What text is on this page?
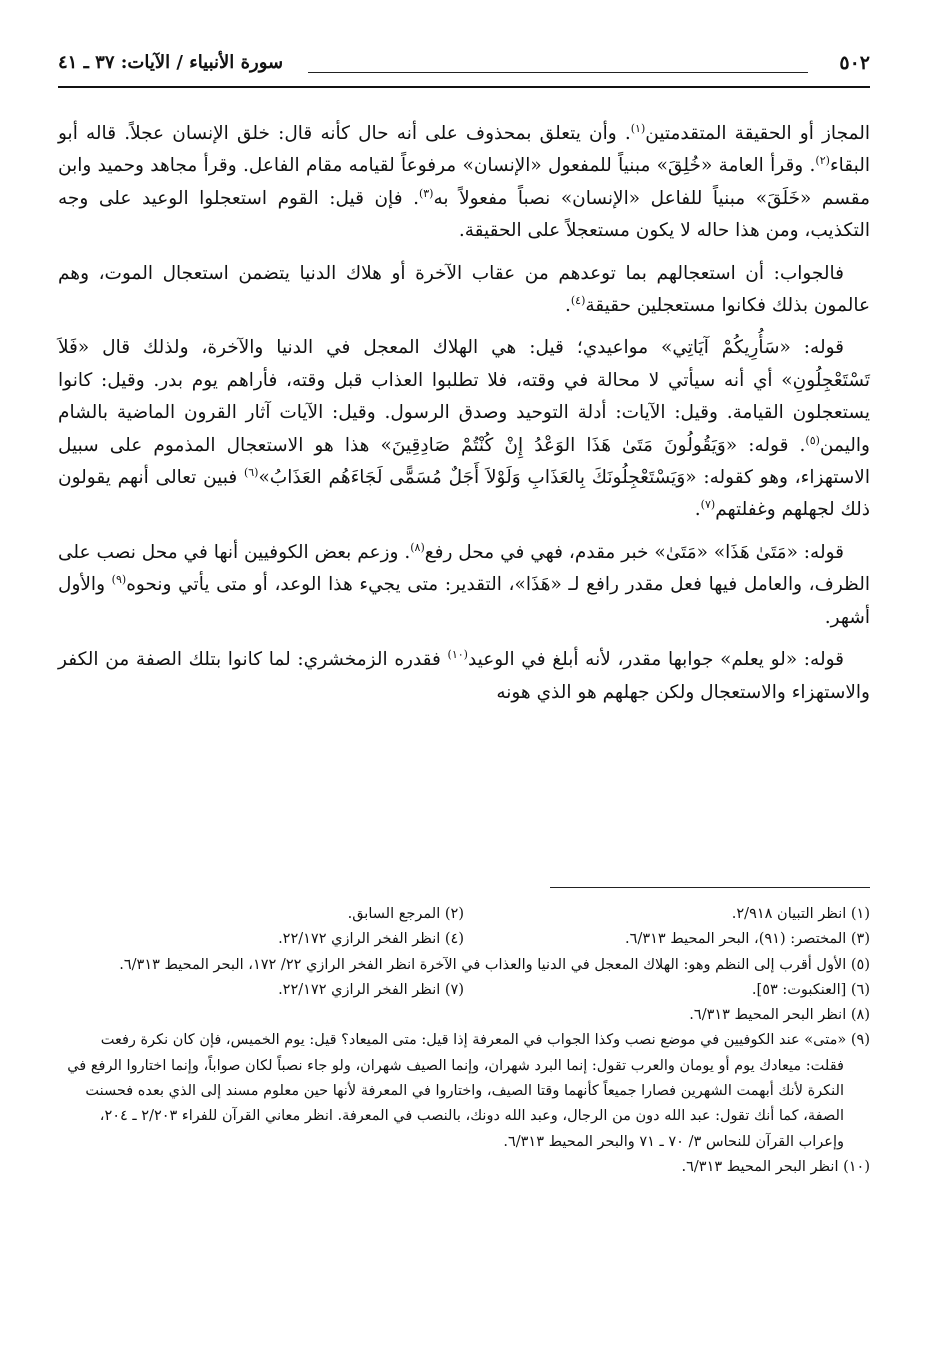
٥٠٢
سورة الأنبياء / الآيات: ٣٧ ـ ٤١

المجاز أو الحقيقة المتقدمتين$^{(١)}$. وأن يتعلق بمحذوف على أنه حال كأنه قال: خلق الإنسان عجلاً. قاله أبو البقاء$^{(٢)}$. وقرأ العامة «خُلِقَ» مبنياً للمفعول «الإنسان» مرفوعاً لقيامه مقام الفاعل. وقرأ مجاهد وحميد وابن مقسم «خَلَقَ» مبنياً للفاعل «الإنسان» نصباً مفعولاً به$^{(٣)}$. فإن قيل: القوم استعجلوا الوعيد على وجه التكذيب، ومن هذا حاله لا يكون مستعجلاً على الحقيقة.

فالجواب: أن استعجالهم بما توعدهم من عقاب الآخرة أو هلاك الدنيا يتضمن استعجال الموت، وهم عالمون بذلك فكانوا مستعجلين حقيقة$^{(٤)}$.

قوله: «سَأُرِيكُمْ آيَاتِي» مواعيدي؛ قيل: هي الهلاك المعجل في الدنيا والآخرة، ولذلك قال «فَلاَ تَسْتَعْجِلُونِ» أي أنه سيأتي لا محالة في وقته، فلا تطلبوا العذاب قبل وقته، فأراهم يوم بدر. وقيل: كانوا يستعجلون القيامة. وقيل: الآيات: أدلة التوحيد وصدق الرسول. وقيل: الآيات آثار القرون الماضية بالشام واليمن$^{(٥)}$. قوله: «وَيَقُولُونَ مَتَىٰ هَذَا الوَعْدُ إِنْ كُنْتُمْ صَادِقِينَ» هذا هو الاستعجال المذموم على سبيل الاستهزاء، وهو كقوله: «وَيَسْتَعْجِلُونَكَ بِالعَذَابِ وَلَوْلاَ أَجَلٌ مُسَمًّى لَجَاءَهُم العَذَابُ»$^{(٦)}$ فبين تعالى أنهم يقولون ذلك لجهلهم وغفلتهم$^{(٧)}$.

قوله: «مَتَىٰ هَذَا» «مَتَىٰ» خبر مقدم، فهي في محل رفع$^{(٨)}$. وزعم بعض الكوفيين أنها في محل نصب على الظرف، والعامل فيها فعل مقدر رافع لـ «هَذَا»، التقدير: متى يجيء هذا الوعد، أو متى يأتي ونحوه$^{(٩)}$ والأول أشهر.

قوله: «لو يعلم» جوابها مقدر، لأنه أبلغ في الوعيد$^{(١٠)}$ فقدره الزمخشري: لما كانوا بتلك الصفة من الكفر والاستهزاء والاستعجال ولكن جهلهم هو الذي هونه

(١) انظر التبيان ٢/٩١٨.
(٢) المرجع السابق.
(٣) المختصر: (٩١)، البحر المحيط ٦/٣١٣.
(٤) انظر الفخر الرازي ٢٢/١٧٢.
(٥) الأول أقرب إلى النظم وهو: الهلاك المعجل في الدنيا والعذاب في الآخرة انظر الفخر الرازي ٢٢/ ١٧٢، البحر المحيط ٦/٣١٣.
(٦) [العنكبوت: ٥٣].
(٧) انظر الفخر الرازي ٢٢/١٧٢.
(٨) انظر البحر المحيط ٦/٣١٣.
(٩) «متى» عند الكوفيين في موضع نصب وكذا الجواب في المعرفة إذا قيل: متى الميعاد؟ قيل: يوم الخميس، فإن كان نكرة رفعت فقلت: ميعادك يوم أو يومان والعرب تقول: إنما البرد شهران، وإنما الصيف شهران، ولو جاء نصباً لكان صواباً، وإنما اختاروا الرفع في النكرة لأنك أبهمت الشهرين فصارا جميعاً كأنهما وقتا الصيف، واختاروا في المعرفة لأنها حين معلوم مسند إلى الذي بعده فحسنت الصفة، كما أنك تقول: عبد الله دون من الرجال، وعبد الله دونك، بالنصب في المعرفة. انظر معاني القرآن للفراء ٢/٢٠٣ ـ ٢٠٤، وإعراب القرآن للنحاس ٣/ ٧٠ ـ ٧١ والبحر المحيط ٦/٣١٣.
(١٠) انظر البحر المحيط ٦/٣١٣.
